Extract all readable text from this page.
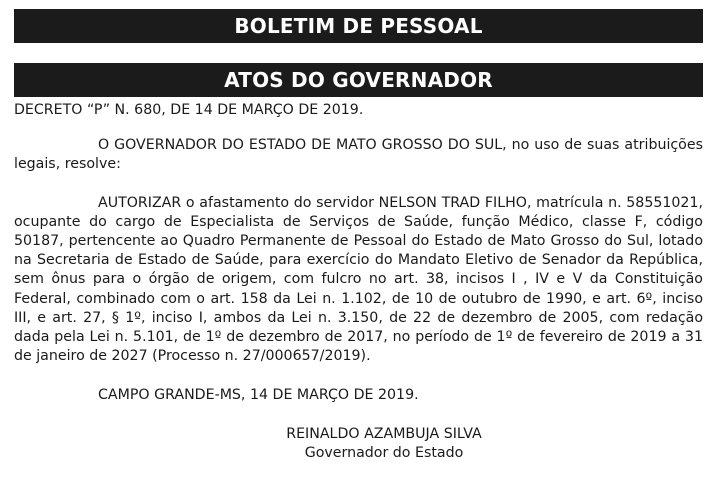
BOLETIM DE PESSOAL
ATOS DO GOVERNADOR
DECRETO “P” N. 680, DE 14 DE MARÇO DE 2019.
O GOVERNADOR DO ESTADO DE MATO GROSSO DO SUL, no uso de suas atribuições legais, resolve:
AUTORIZAR o afastamento do servidor NELSON TRAD FILHO, matrícula n. 58551021, ocupante do cargo de Especialista de Serviços de Saúde, função Médico, classe F, código 50187, pertencente ao Quadro Permanente de Pessoal do Estado de Mato Grosso do Sul, lotado na Secretaria de Estado de Saúde, para exercício do Mandato Eletivo de Senador da República, sem ônus para o órgão de origem, com fulcro no art. 38, incisos I , IV e V da Constituição Federal, combinado com o art. 158 da Lei n. 1.102, de 10 de outubro de 1990, e art. 6º, inciso III, e art. 27, § 1º, inciso I, ambos da Lei n. 3.150, de 22 de dezembro de 2005, com redação dada pela Lei n. 5.101, de 1º de dezembro de 2017, no período de 1º de fevereiro de 2019 a 31 de janeiro de 2027 (Processo n. 27/000657/2019).
CAMPO GRANDE-MS, 14 DE MARÇO DE 2019.
REINALDO AZAMBUJA SILVA
Governador do Estado
